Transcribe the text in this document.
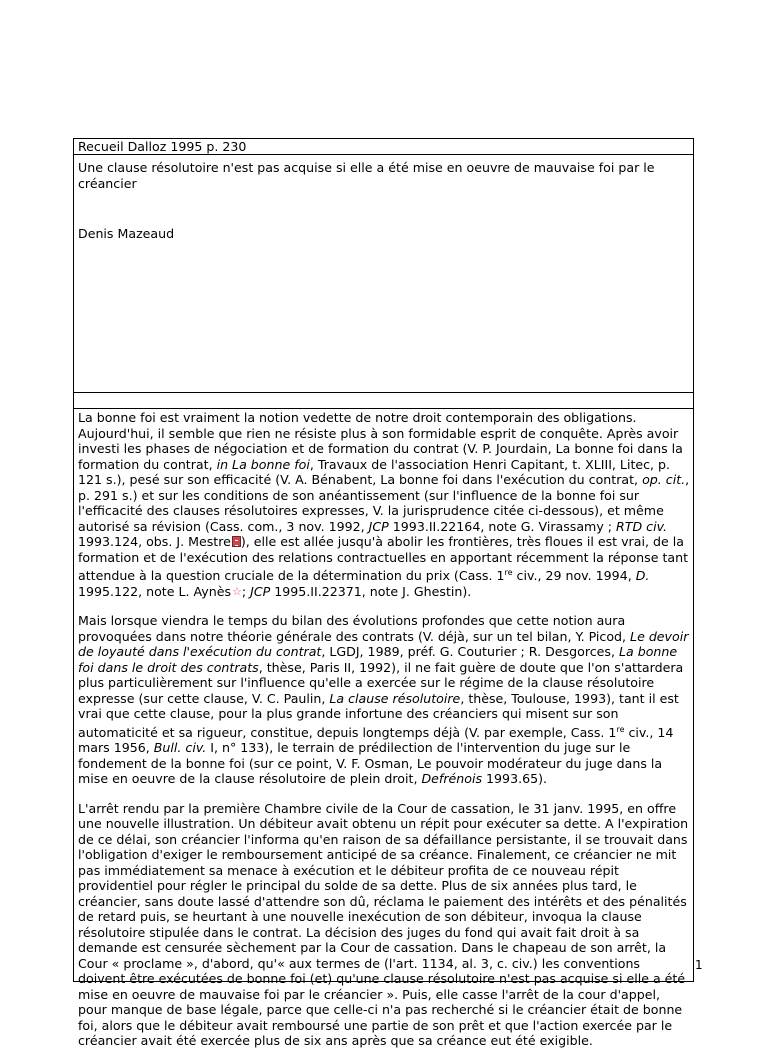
Recueil Dalloz 1995 p. 230
Une clause résolutoire n'est pas acquise si elle a été mise en oeuvre de mauvaise foi par le créancier
Denis Mazeaud

La bonne foi est vraiment la notion vedette de notre droit contemporain des obligations. Aujourd'hui, il semble que rien ne résiste plus à son formidable esprit de conquête. Après avoir investi les phases de négociation et de formation du contrat (V. P. Jourdain, La bonne foi dans la formation du contrat, in La bonne foi, Travaux de l'association Henri Capitant, t. XLIII, Litec, p. 121 s.), pesé sur son efficacité (V. A. Bénabent, La bonne foi dans l'exécution du contrat, op. cit., p. 291 s.) et sur les conditions de son anéantissement (sur l'influence de la bonne foi sur l'efficacité des clauses résolutoires expresses, V. la jurisprudence citée ci-dessous), et même autorisé sa révision (Cass. com., 3 nov. 1992, JCP 1993.II.22164, note G. Virassamy ; RTD civ. 1993.124, obs. J. Mestre ), elle est allée jusqu'à abolir les frontières, très floues il est vrai, de la formation et de l'exécution des relations contractuelles en apportant récemment la réponse tant attendue à la question cruciale de la détermination du prix (Cass. 1re civ., 29 nov. 1994, D. 1995.122, note L. Aynès☆; JCP 1995.II.22371, note J. Ghestin).

Mais lorsque viendra le temps du bilan des évolutions profondes que cette notion aura provoquées dans notre théorie générale des contrats (V. déjà, sur un tel bilan, Y. Picod, Le devoir de loyauté dans l'exécution du contrat, LGDJ, 1989, préf. G. Couturier ; R. Desgorces, La bonne foi dans le droit des contrats, thèse, Paris II, 1992), il ne fait guère de doute que l'on s'attardera plus particulièrement sur l'influence qu'elle a exercée sur le régime de la clause résolutoire expresse (sur cette clause, V. C. Paulin, La clause résolutoire, thèse, Toulouse, 1993), tant il est vrai que cette clause, pour la plus grande infortune des créanciers qui misent sur son automaticité et sa rigueur, constitue, depuis longtemps déjà (V. par exemple, Cass. 1re civ., 14 mars 1956, Bull. civ. I, n° 133), le terrain de prédilection de l'intervention du juge sur le fondement de la bonne foi (sur ce point, V. F. Osman, Le pouvoir modérateur du juge dans la mise en oeuvre de la clause résolutoire de plein droit, Defrénois 1993.65).

L'arrêt rendu par la première Chambre civile de la Cour de cassation, le 31 janv. 1995, en offre une nouvelle illustration. Un débiteur avait obtenu un répit pour exécuter sa dette. A l'expiration de ce délai, son créancier l'informa qu'en raison de sa défaillance persistante, il se trouvait dans l'obligation d'exiger le remboursement anticipé de sa créance. Finalement, ce créancier ne mit pas immédiatement sa menace à exécution et le débiteur profita de ce nouveau répit providentiel pour régler le principal du solde de sa dette. Plus de six années plus tard, le créancier, sans doute lassé d'attendre son dû, réclama le paiement des intérêts et des pénalités de retard puis, se heurtant à une nouvelle inexécution de son débiteur, invoqua la clause résolutoire stipulée dans le contrat. La décision des juges du fond qui avait fait droit à sa demande est censurée sèchement par la Cour de cassation. Dans le chapeau de son arrêt, la Cour « proclame », d'abord, qu'« aux termes de (l'art. 1134, al. 3, c. civ.) les conventions doivent être exécutées de bonne foi (et) qu'une clause résolutoire n'est pas acquise si elle a été mise en oeuvre de mauvaise foi par le créancier ». Puis, elle casse l'arrêt de la cour d'appel, pour manque de base légale, parce que celle-ci n'a pas recherché si le créancier était de bonne foi, alors que le débiteur avait remboursé une partie de son prêt et que l'action exercée par le créancier avait été exercée plus de six ans après que sa créance eut été exigible.

1
